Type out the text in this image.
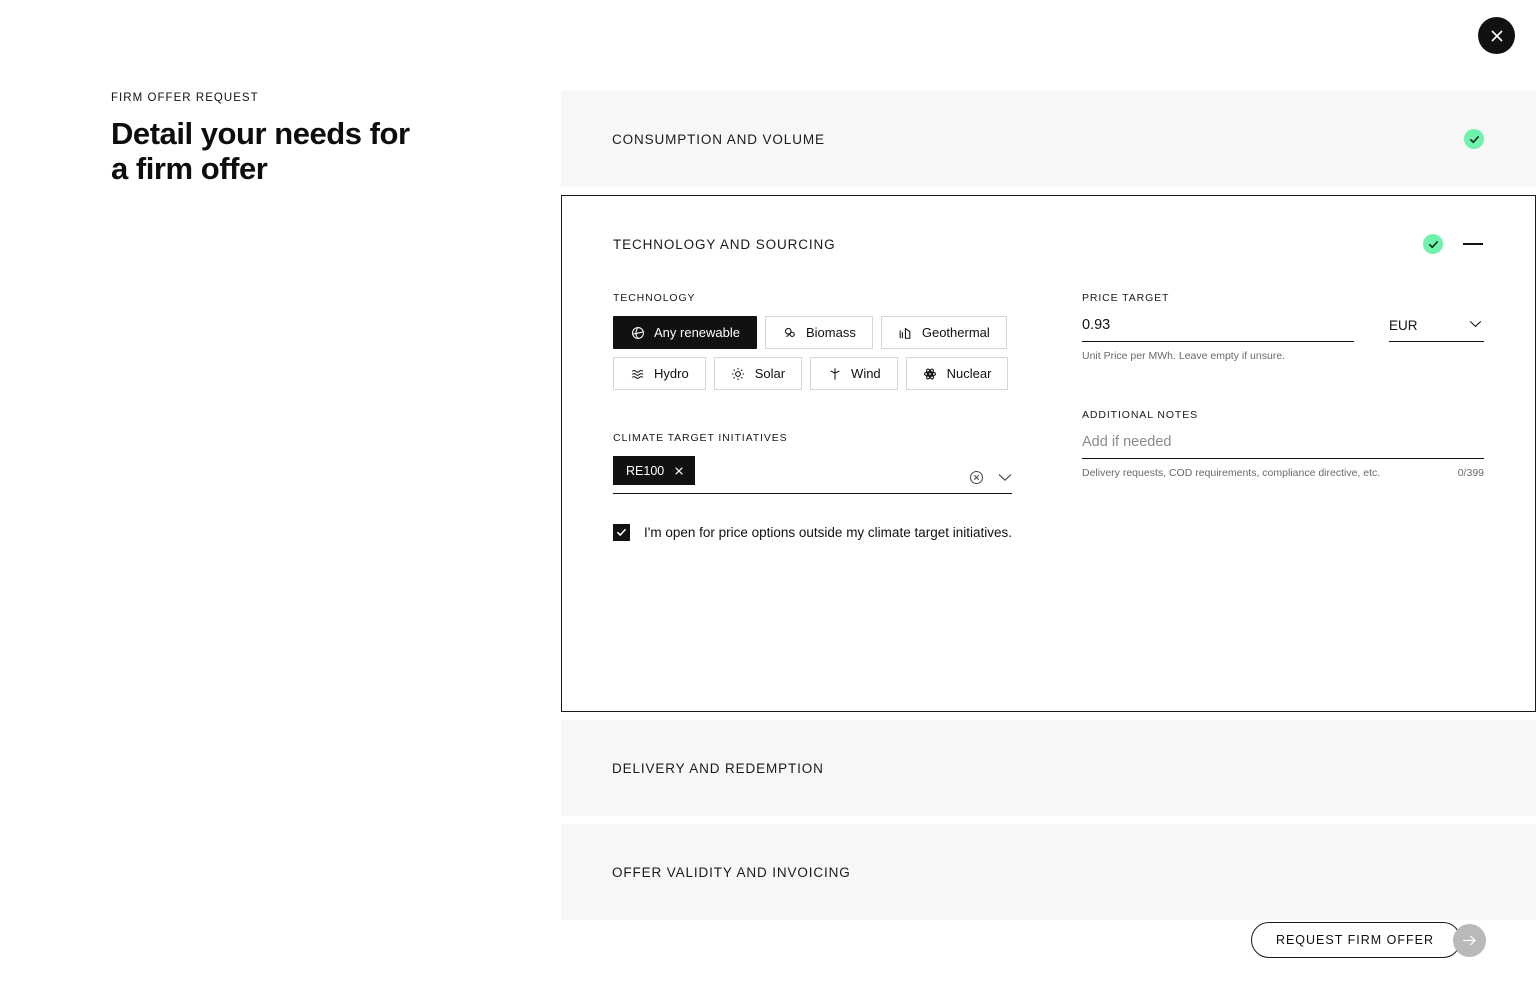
FIRM OFFER REQUEST
Detail your needs for a firm offer
CONSUMPTION AND VOLUME
TECHNOLOGY AND SOURCING
TECHNOLOGY
Any renewable	Biomass	Geothermal
Hydro	Solar	Wind	Nuclear
CLIMATE TARGET INITIATIVES
RE100
I'm open for price options outside my climate target initiatives.
PRICE TARGET
0.93
EUR
Unit Price per MWh. Leave empty if unsure.
ADDITIONAL NOTES
Add if needed
Delivery requests, COD requirements, compliance directive, etc.	0/399
DELIVERY AND REDEMPTION
OFFER VALIDITY AND INVOICING
REQUEST FIRM OFFER
